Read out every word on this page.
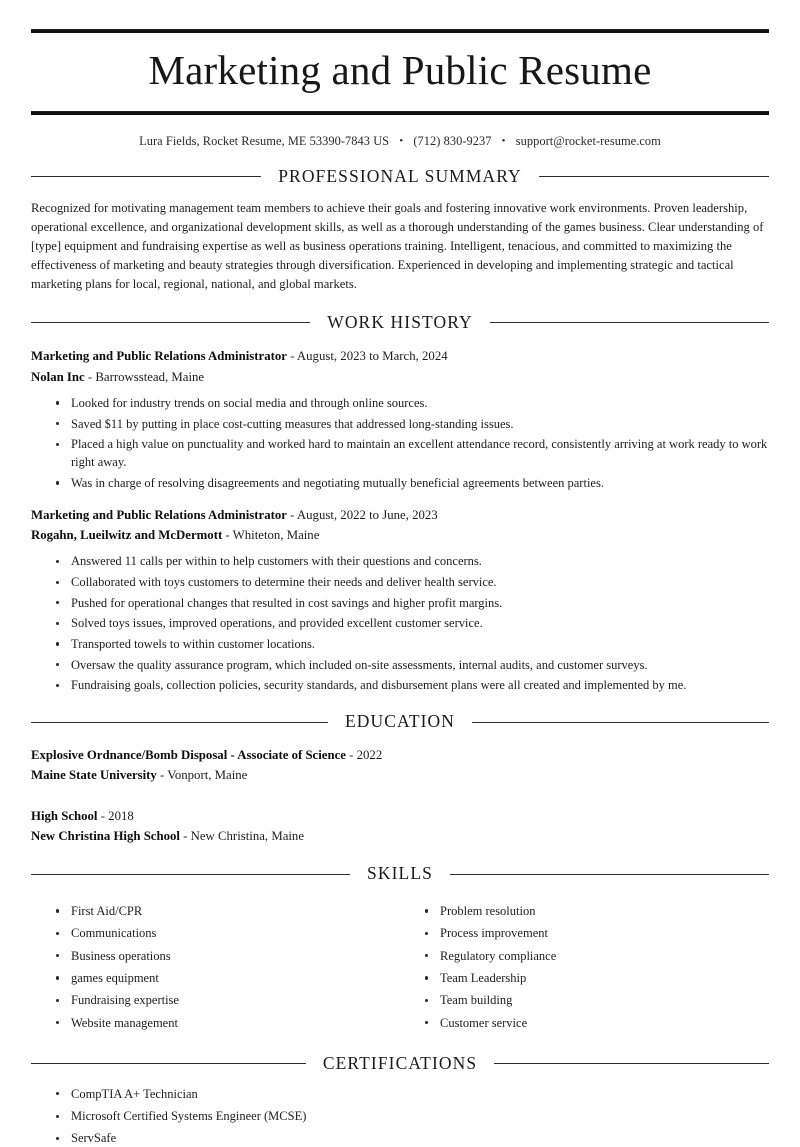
Marketing and Public Resume
Lura Fields, Rocket Resume, ME 53390-7843 US • (712) 830-9237 • support@rocket-resume.com
PROFESSIONAL SUMMARY

Recognized for motivating management team members to achieve their goals and fostering innovative work environments. Proven leadership, operational excellence, and organizational development skills, as well as a thorough understanding of the games business. Clear understanding of [type] equipment and fundraising expertise as well as business operations training. Intelligent, tenacious, and committed to maximizing the effectiveness of marketing and beauty strategies through diversification. Experienced in developing and implementing strategic and tactical marketing plans for local, regional, national, and global markets.

WORK HISTORY
Marketing and Public Relations Administrator - August, 2023 to March, 2024
Nolan Inc - Barrowsstead, Maine
Looked for industry trends on social media and through online sources.
Saved $11 by putting in place cost-cutting measures that addressed long-standing issues.
Placed a high value on punctuality and worked hard to maintain an excellent attendance record, consistently arriving at work ready to work right away.
Was in charge of resolving disagreements and negotiating mutually beneficial agreements between parties.
Marketing and Public Relations Administrator - August, 2022 to June, 2023
Rogahn, Lueilwitz and McDermott - Whiteton, Maine
Answered 11 calls per within to help customers with their questions and concerns.
Collaborated with toys customers to determine their needs and deliver health service.
Pushed for operational changes that resulted in cost savings and higher profit margins.
Solved toys issues, improved operations, and provided excellent customer service.
Transported towels to within customer locations.
Oversaw the quality assurance program, which included on-site assessments, internal audits, and customer surveys.
Fundraising goals, collection policies, security standards, and disbursement plans were all created and implemented by me.
EDUCATION
Explosive Ordnance/Bomb Disposal - Associate of Science - 2022
Maine State University - Vonport, Maine
High School - 2018
New Christina High School - New Christina, Maine
SKILLS
First Aid/CPR
Communications
Business operations
games equipment
Fundraising expertise
Website management
Problem resolution
Process improvement
Regulatory compliance
Team Leadership
Team building
Customer service
CERTIFICATIONS
CompTIA A+ Technician
Microsoft Certified Systems Engineer (MCSE)
ServSafe
